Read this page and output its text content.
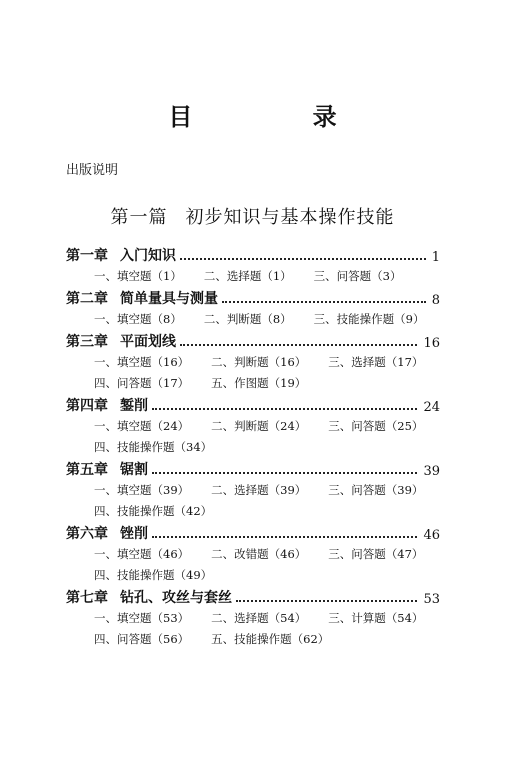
目 录
出版说明
第一篇 初步知识与基本操作技能
第一章 入门知识	1
一、填空题（1） 二、选择题（1） 三、问答题（3）
第二章 简单量具与测量	8
一、填空题（8） 二、判断题（8） 三、技能操作题（9）
第三章 平面划线	16
一、填空题（16） 二、判断题（16） 三、选择题（17）
四、问答题（17） 五、作图题（19）
第四章 錾削	24
一、填空题（24） 二、判断题（24） 三、问答题（25）
四、技能操作题（34）
第五章 锯割	39
一、填空题（39） 二、选择题（39） 三、问答题（39）
四、技能操作题（42）
第六章 锉削	46
一、填空题（46） 二、改错题（46） 三、问答题（47）
四、技能操作题（49）
第七章 钻孔、攻丝与套丝	53
一、填空题（53） 二、选择题（54） 三、计算题（54）
四、问答题（56） 五、技能操作题（62）
